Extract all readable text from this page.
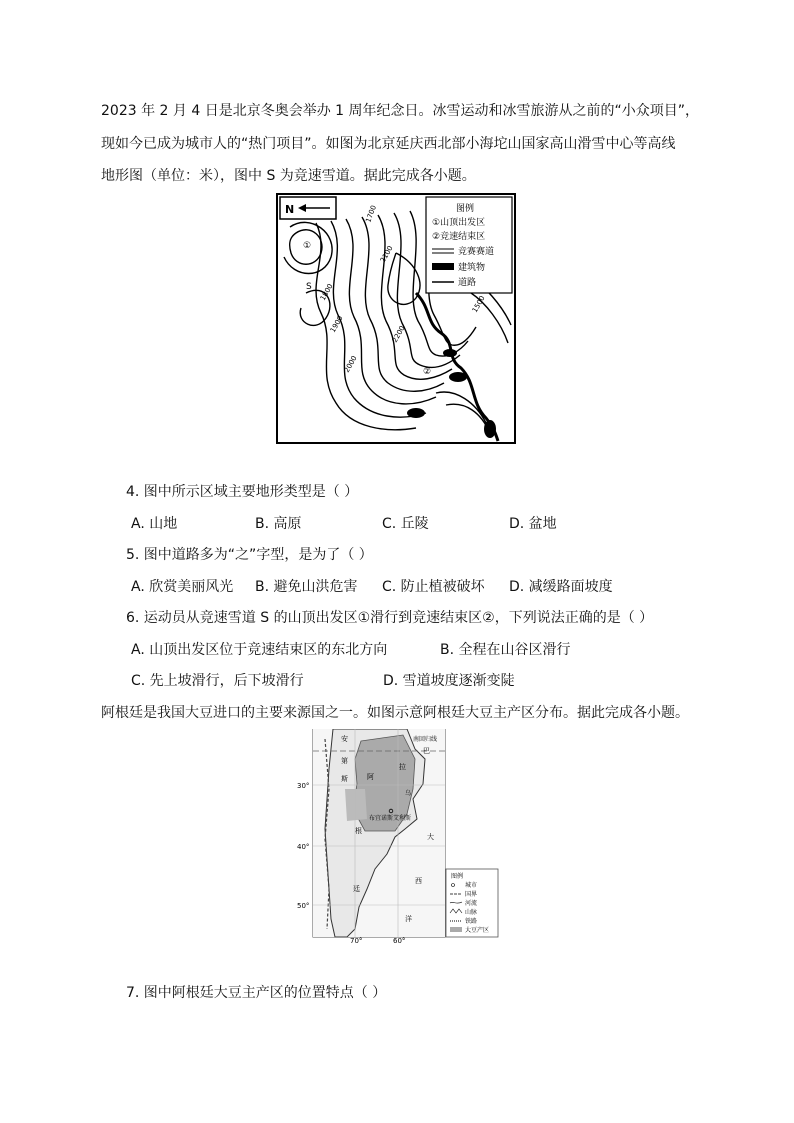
2023 年 2 月 4 日是北京冬奥会举办 1 周年纪念日。冰雪运动和冰雪旅游从之前的“小众项目”，
现如今已成为城市人的“热门项目”。如图为北京延庆西北部小海坨山国家高山滑雪中心等高线
地形图（单位：米），图中 S 为竞速雪道。据此完成各小题。
N	图例
①山顶出发区
②竞速结束区
竞赛赛道
建筑物
道路
①
S
②
1700
1800
1900
2000
2100
2200
1500
4. 图中所示区域主要地形类型是（ ）
A. 山地	B. 高原	C. 丘陵	D. 盆地
5. 图中道路多为“之”字型，是为了（ ）
A. 欣赏美丽风光 B. 避免山洪危害 C. 防止植被破坏 D. 减缓路面坡度
6. 运动员从竞速雪道 S 的山顶出发区①滑行到竞速结束区②，下列说法正确的是（ ）
A. 山顶出发区位于竞速结束区的东北方向	B. 全程在山谷区滑行
C. 先上坡滑行，后下坡滑行	D. 雪道坡度逐渐变陡
阿根廷是我国大豆进口的主要来源国之一。如图示意阿根廷大豆主产区分布。据此完成各小题。
30°
40°
50°
70°	60°
南回归线
安
第
斯
巴
拉
阿
根
廷
布宜诺斯艾利斯
大
西
洋
乌
图例
城市
国界
河流
山脉
铁路
大豆产区
7. 图中阿根廷大豆主产区的位置特点（ ）
